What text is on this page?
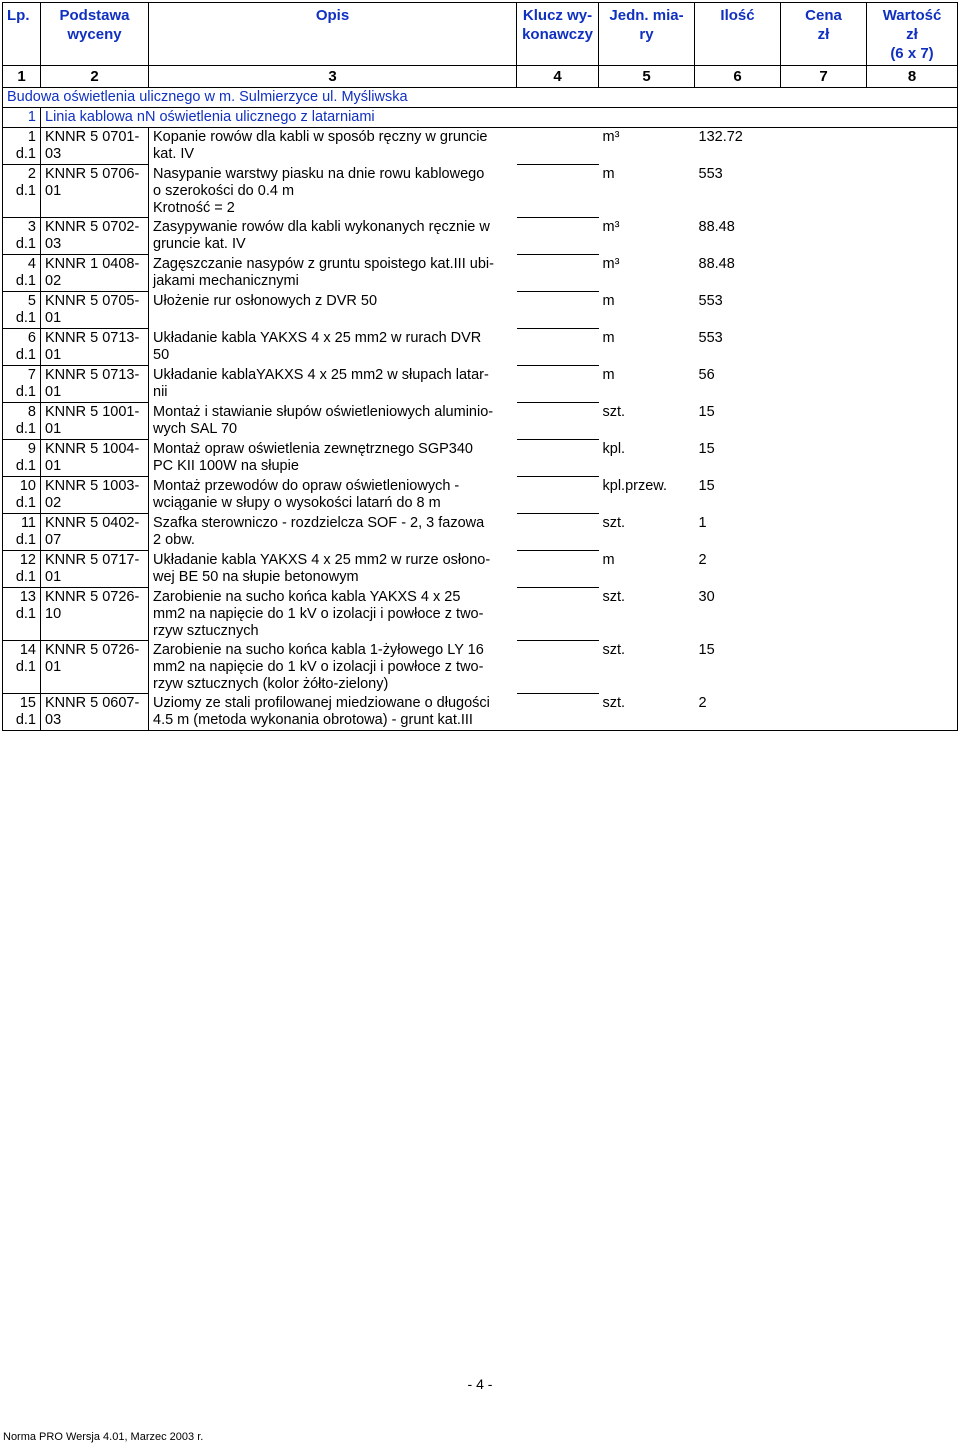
Lp.	Podstawa
wyceny	Opis	Klucz wy-
konawczy	Jedn. mia-
ry	Ilość	Cena
zł	Wartość
zł
(6 x 7)

1	2	3	4	5	6	7	8
Budowa oświetlenia ulicznego w m. Sulmierzyce ul. Myśliwska							
1	Linia kablowa nN oświetlenia ulicznego z latarniami						

1
d.1	KNNR 5 0701-
03	Kopanie rowów dla kabli w sposób ręczny w gruncie
kat. IV		m³	132.72		

2
d.1	KNNR 5 0706-
01	Nasypanie warstwy piasku na dnie rowu kablowego
o szerokości do 0.4 m
Krotność = 2		m	553		

3
d.1	KNNR 5 0702-
03	Zasypywanie rowów dla kabli wykonanych ręcznie w
gruncie kat. IV		m³	88.48		

4
d.1	KNNR 1 0408-
02	Zagęszczanie nasypów z gruntu spoistego kat.III ubi-
jakami mechanicznymi		m³	88.48		

5
d.1	KNNR 5 0705-
01	Ułożenie rur osłonowych z DVR 50		m	553		

6
d.1	KNNR 5 0713-
01	Układanie kabla YAKXS 4 x 25 mm2 w rurach DVR
50		m	553		

7
d.1	KNNR 5 0713-
01	Układanie kablaYAKXS 4 x 25 mm2 w słupach latar-
nii		m	56		

8
d.1	KNNR 5 1001-
01	Montaż i stawianie słupów oświetleniowych aluminio-
wych SAL 70		szt.	15		

9
d.1	KNNR 5 1004-
01	Montaż opraw oświetlenia zewnętrznego SGP340
PC KII 100W na słupie		kpl.	15		

10
d.1	KNNR 5 1003-
02	Montaż przewodów do opraw oświetleniowych -
wciąganie w słupy o wysokości latarń do 8 m		kpl.przew.	15		

11
d.1	KNNR 5 0402-
07	Szafka sterowniczo - rozdzielcza SOF - 2, 3 fazowa
2 obw.		szt.	1		

12
d.1	KNNR 5 0717-
01	Układanie kabla YAKXS 4 x 25 mm2 w rurze osłono-
wej BE 50 na słupie betonowym		m	2		

13
d.1	KNNR 5 0726-
10	Zarobienie na sucho końca kabla YAKXS 4 x 25
mm2 na napięcie do 1 kV o izolacji i powłoce z two-
rzyw sztucznych		szt.	30		

14
d.1	KNNR 5 0726-
01	Zarobienie na sucho końca kabla 1-żyłowego LY 16
mm2 na napięcie do 1 kV o izolacji i powłoce z two-
rzyw sztucznych (kolor żółto-zielony)		szt.	15		

15
d.1	KNNR 5 0607-
03	Uziomy ze stali profilowanej miedziowane o długości
4.5 m (metoda wykonania obrotowa) - grunt kat.III		szt.	2		

- 4 -
Norma PRO Wersja 4.01, Marzec 2003 r.
